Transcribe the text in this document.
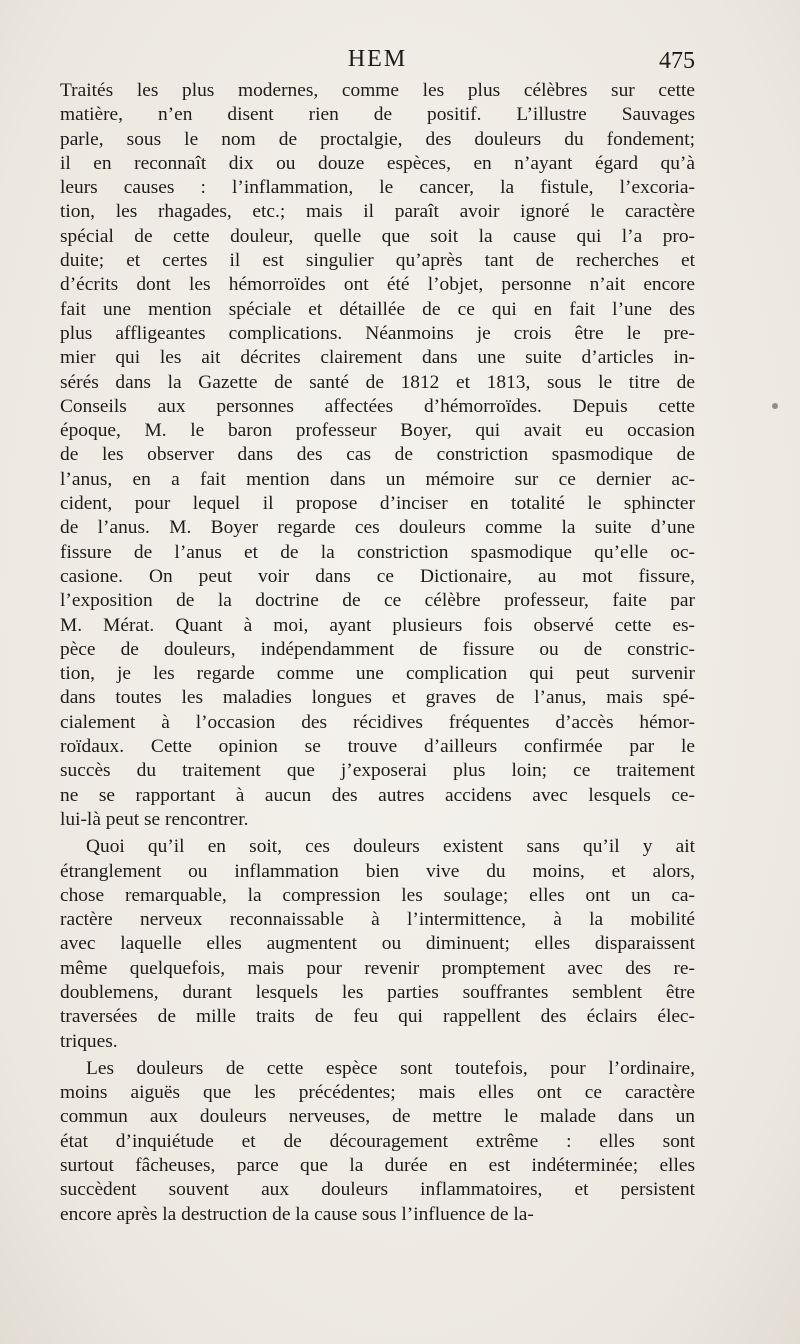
HEM	475
Traités les plus modernes, comme les plus célèbres sur cette
matière, n’en disent rien de positif. L’illustre Sauvages
parle, sous le nom de proctalgie, des douleurs du fondement;
il en reconnaît dix ou douze espèces, en n’ayant égard qu’à
leurs causes : l’inflammation, le cancer, la fistule, l’excoria-
tion, les rhagades, etc.; mais il paraît avoir ignoré le caractère
spécial de cette douleur, quelle que soit la cause qui l’a pro-
duite; et certes il est singulier qu’après tant de recherches et
d’écrits dont les hémorroïdes ont été l’objet, personne n’ait encore
fait une mention spéciale et détaillée de ce qui en fait l’une des
plus affligeantes complications. Néanmoins je crois être le pre-
mier qui les ait décrites clairement dans une suite d’articles in-
sérés dans la Gazette de santé de 1812 et 1813, sous le titre de
Conseils aux personnes affectées d’hémorroïdes. Depuis cette
époque, M. le baron professeur Boyer, qui avait eu occasion
de les observer dans des cas de constriction spasmodique de
l’anus, en a fait mention dans un mémoire sur ce dernier ac-
cident, pour lequel il propose d’inciser en totalité le sphincter
de l’anus. M. Boyer regarde ces douleurs comme la suite d’une
fissure de l’anus et de la constriction spasmodique qu’elle oc-
casione. On peut voir dans ce Dictionaire, au mot fissure,
l’exposition de la doctrine de ce célèbre professeur, faite par
M. Mérat. Quant à moi, ayant plusieurs fois observé cette es-
pèce de douleurs, indépendamment de fissure ou de constric-
tion, je les regarde comme une complication qui peut survenir
dans toutes les maladies longues et graves de l’anus, mais spé-
cialement à l’occasion des récidives fréquentes d’accès hémor-
roïdaux. Cette opinion se trouve d’ailleurs confirmée par le
succès du traitement que j’exposerai plus loin; ce traitement
ne se rapportant à aucun des autres accidens avec lesquels ce-
lui-là peut se rencontrer.
Quoi qu’il en soit, ces douleurs existent sans qu’il y ait
étranglement ou inflammation bien vive du moins, et alors,
chose remarquable, la compression les soulage; elles ont un ca-
ractère nerveux reconnaissable à l’intermittence, à la mobilité
avec laquelle elles augmentent ou diminuent; elles disparaissent
même quelquefois, mais pour revenir promptement avec des re-
doublemens, durant lesquels les parties souffrantes semblent être
traversées de mille traits de feu qui rappellent des éclairs élec-
triques.
Les douleurs de cette espèce sont toutefois, pour l’ordinaire,
moins aiguës que les précédentes; mais elles ont ce caractère
commun aux douleurs nerveuses, de mettre le malade dans un
état d’inquiétude et de découragement extrême : elles sont
surtout fâcheuses, parce que la durée en est indéterminée; elles
succèdent souvent aux douleurs inflammatoires, et persistent
encore après la destruction de la cause sous l’influence de la-
